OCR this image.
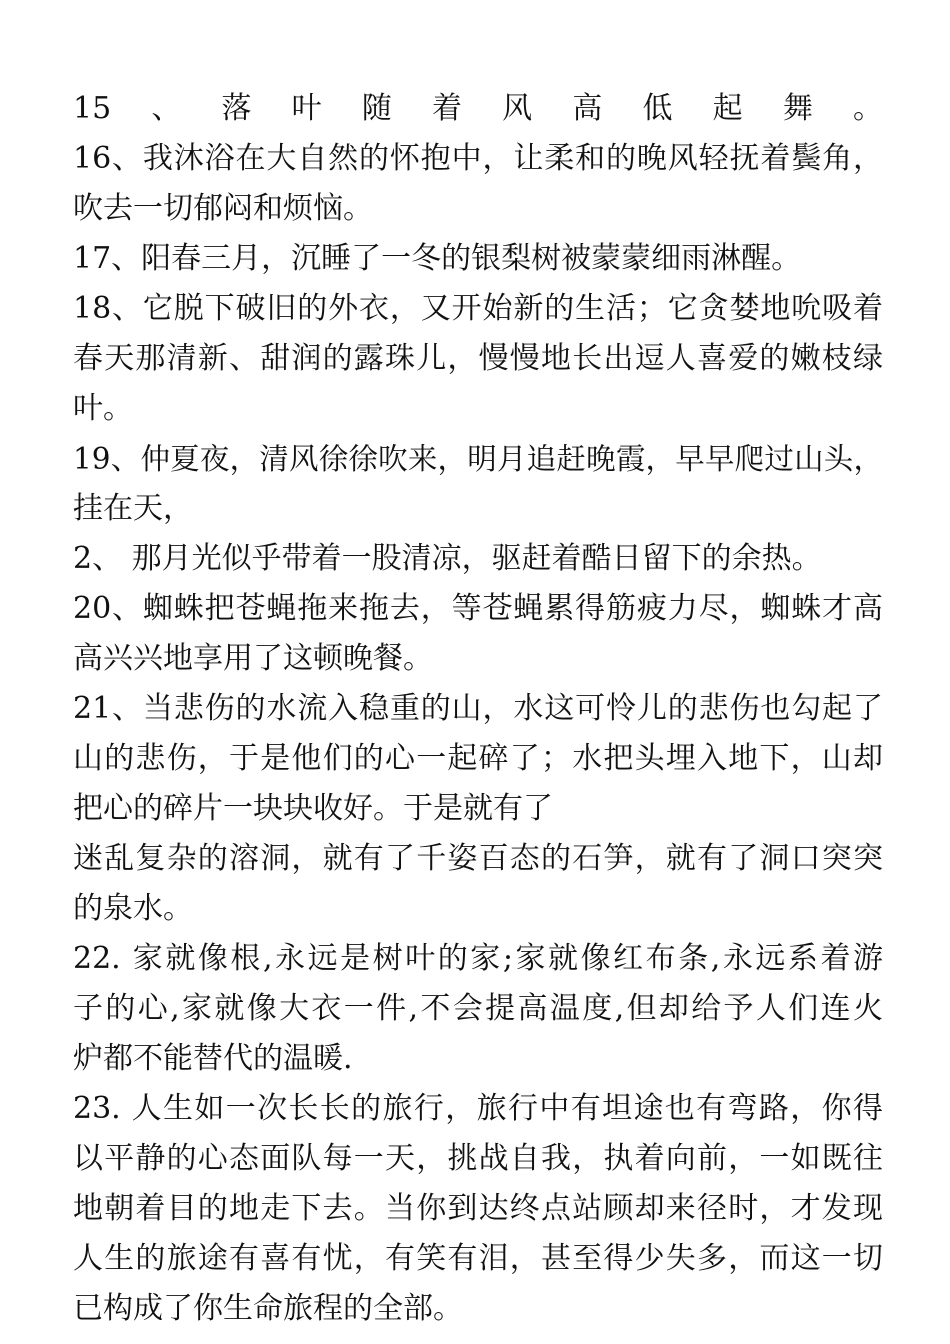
15、落叶随着风高低起舞。
16、我沐浴在大自然的怀抱中，让柔和的晚风轻抚着鬓角，
吹去一切郁闷和烦恼。
17、阳春三月，沉睡了一冬的银梨树被蒙蒙细雨淋醒。
18、它脱下破旧的外衣，又开始新的生活；它贪婪地吮吸着
春天那清新、甜润的露珠儿，慢慢地长出逗人喜爱的嫩枝绿
叶。
19、仲夏夜，清风徐徐吹来，明月追赶晚霞，早早爬过山头，
挂在天，
2、 那月光似乎带着一股清凉，驱赶着酷日留下的余热。
20、蜘蛛把苍蝇拖来拖去，等苍蝇累得筋疲力尽，蜘蛛才高
高兴兴地享用了这顿晚餐。
21、当悲伤的水流入稳重的山，水这可怜儿的悲伤也勾起了
山的悲伤，于是他们的心一起碎了；水把头埋入地下，山却
把心的碎片一块块收好。于是就有了
迷乱复杂的溶洞，就有了千姿百态的石笋，就有了洞口突突
的泉水。
22. 家就像根,永远是树叶的家;家就像红布条,永远系着游
子的心,家就像大衣一件,不会提高温度,但却给予人们连火
炉都不能替代的温暖.
23. 人生如一次长长的旅行，旅行中有坦途也有弯路，你得
以平静的心态面队每一天，挑战自我，执着向前，一如既往
地朝着目的地走下去。当你到达终点站顾却来径时，才发现
人生的旅途有喜有忧，有笑有泪，甚至得少失多，而这一切
已构成了你生命旅程的全部。
